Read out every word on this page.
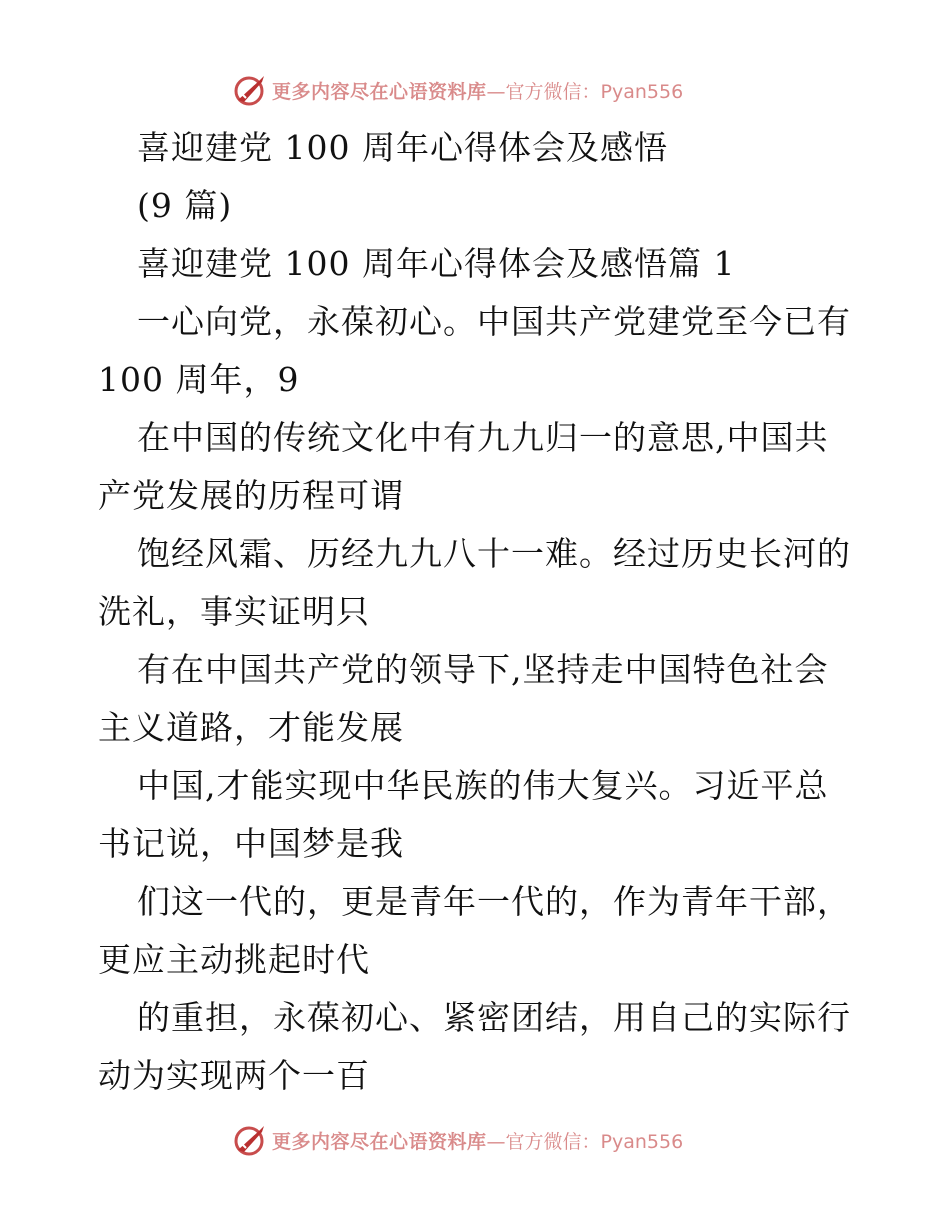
更多内容尽在心语资料库 —官方微信：Pyan556
喜迎建党 100 周年心得体会及感悟
(9 篇)
喜迎建党 100 周年心得体会及感悟篇 1
一心向党，永葆初心。中国共产党建党至今已有
100 周年，9
在中国的传统文化中有九九归一的意思,中国共
产党发展的历程可谓
饱经风霜、历经九九八十一难。经过历史长河的
洗礼，事实证明只
有在中国共产党的领导下,坚持走中国特色社会
主义道路，才能发展
中国,才能实现中华民族的伟大复兴。习近平总
书记说，中国梦是我
们这一代的，更是青年一代的，作为青年干部，
更应主动挑起时代
的重担，永葆初心、紧密团结，用自己的实际行
动为实现两个一百
更多内容尽在心语资料库 —官方微信：Pyan556
